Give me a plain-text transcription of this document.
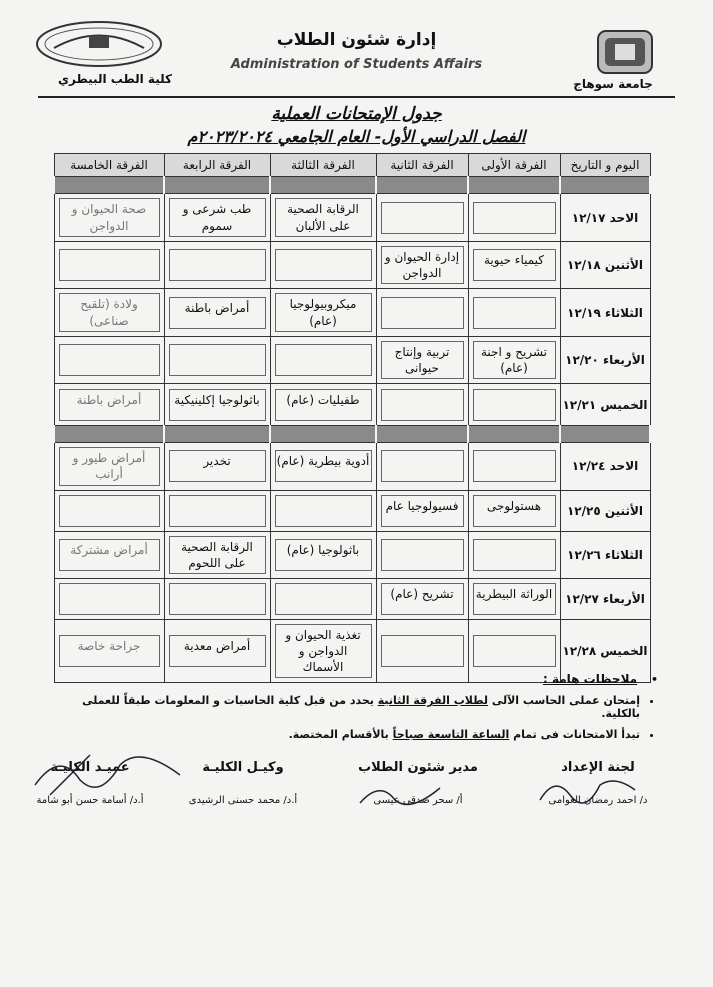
كلية الطب البيطري	جامعة سوهاج
إدارة شئون الطلاب
Administration of Students Affairs
جدول الإمتحانات العملية
الفصل الدراسي الأول- العام الجامعي ٢٠٢٣/٢٠٢٤م
اليوم و التاريخ	الفرقة الأولى	الفرقة الثانية	الفرقة الثالثة	الفرقة الرابعة	الفرقة الخامسة

الاحد ١٢/١٧			الرقابة الصحية على الألبان	طب شرعى و سموم	صحة الحيوان و الدواجن

الأثنين ١٢/١٨	كيمياء حيوية	إدارة الحيوان و الدواجن			

الثلاثاء ١٢/١٩			ميكروبيولوجيا (عام)	أمراض باطنة	ولادة (تلقيح صناعى)

الأربعاء ١٢/٢٠	تشريح و اجنة (عام)	تربية وإنتاج حيوانى			

الخميس ١٢/٢١			طفيليات (عام)	باثولوجيا إكلينيكية	أمراض باطنة

الاحد ١٢/٢٤			أدوية بيطرية (عام)	تخدير	أمراض طيور و أرانب

الأثنين ١٢/٢٥	هستولوجى	فسيولوجيا عام			

الثلاثاء ١٢/٢٦			باثولوجيا (عام)	الرقابة الصحية على اللحوم	أمراض مشتركة

الأربعاء ١٢/٢٧	الوراثة البيطرية	تشريح (عام)			

الخميس ١٢/٢٨			تغذية الحيوان و الدواجن و الأسماك	أمراض معدية	جراحة خاصة
• ملاحظات هامة :
• إمتحان عملى الحاسب الآلى لطلاب الفرقة الثانية يحدد من قبل كلية الحاسبات و المعلومات طبقاً للعملى بالكلية.
• تبدأ الامتحانات فى تمام الساعة التاسعة صباحاً بالأقسام المختصة.
لجنة الإعداد
د/ احمد رمضان العوامى
مدير شئون الطلاب
أ/ سحر صدقى عيسى
وكيـل الكليـة
أ.د/ محمد حسنى الرشيدى
عميـد الكليـة
أ.د/ أسامة حسن أبو شامة
